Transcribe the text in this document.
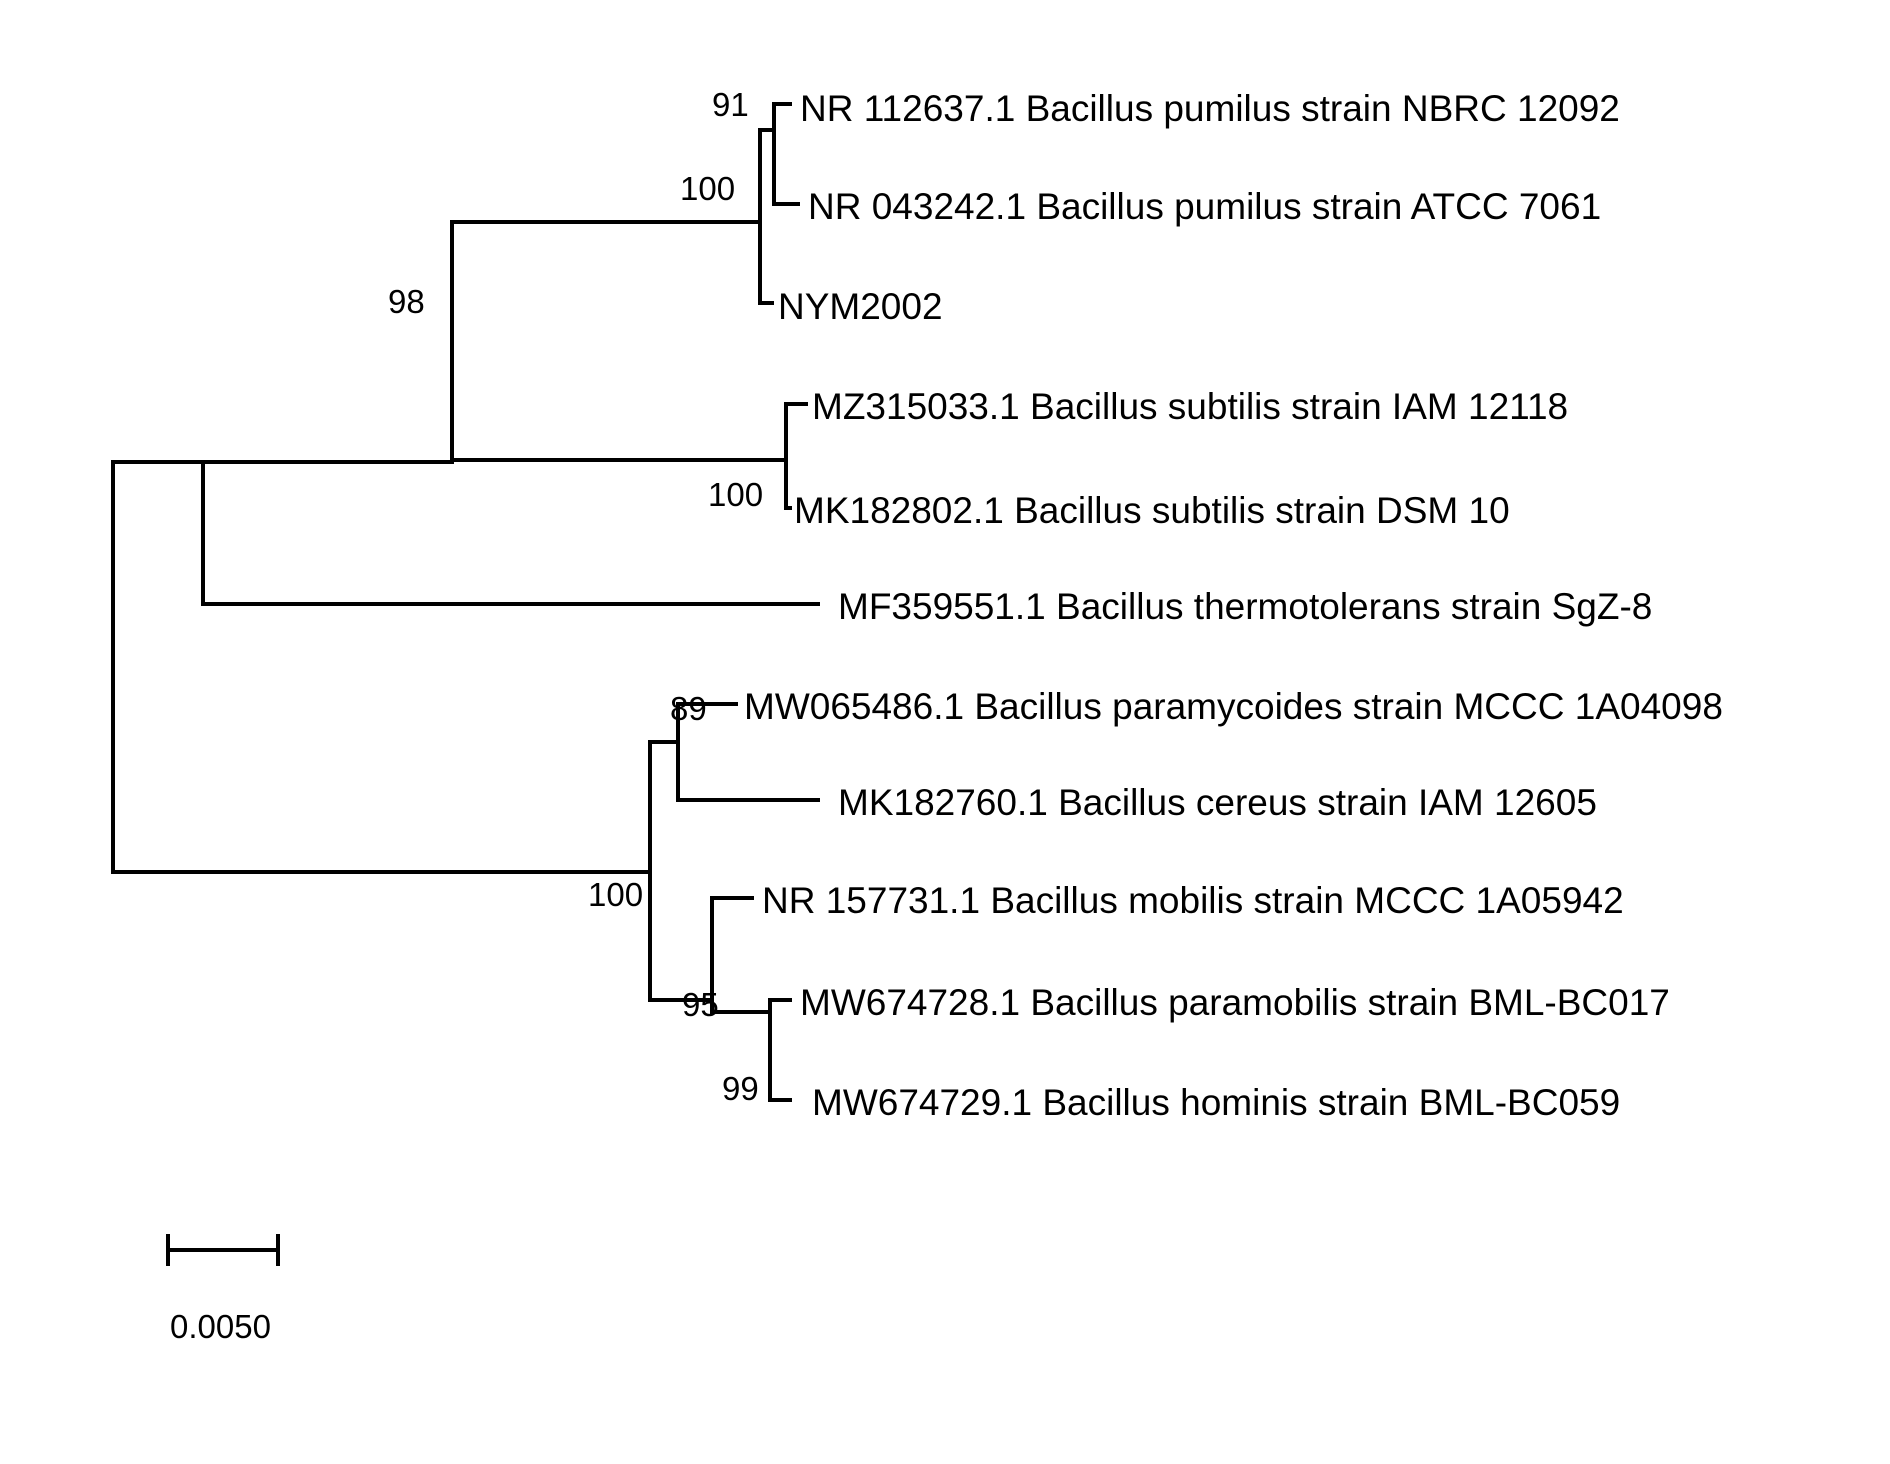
NR 112637.1 Bacillus pumilus strain NBRC 12092
NR 043242.1 Bacillus pumilus strain ATCC 7061
NYM2002
MZ315033.1 Bacillus subtilis strain IAM 12118
MK182802.1 Bacillus subtilis strain DSM 10
MF359551.1 Bacillus thermotolerans strain SgZ-8
MW065486.1 Bacillus paramycoides strain MCCC 1A04098
MK182760.1 Bacillus cereus strain IAM 12605
NR 157731.1 Bacillus mobilis strain MCCC 1A05942
MW674728.1 Bacillus paramobilis strain BML-BC017
MW674729.1 Bacillus hominis strain BML-BC059
91
100
98
100
89
100
95
99
0.0050
